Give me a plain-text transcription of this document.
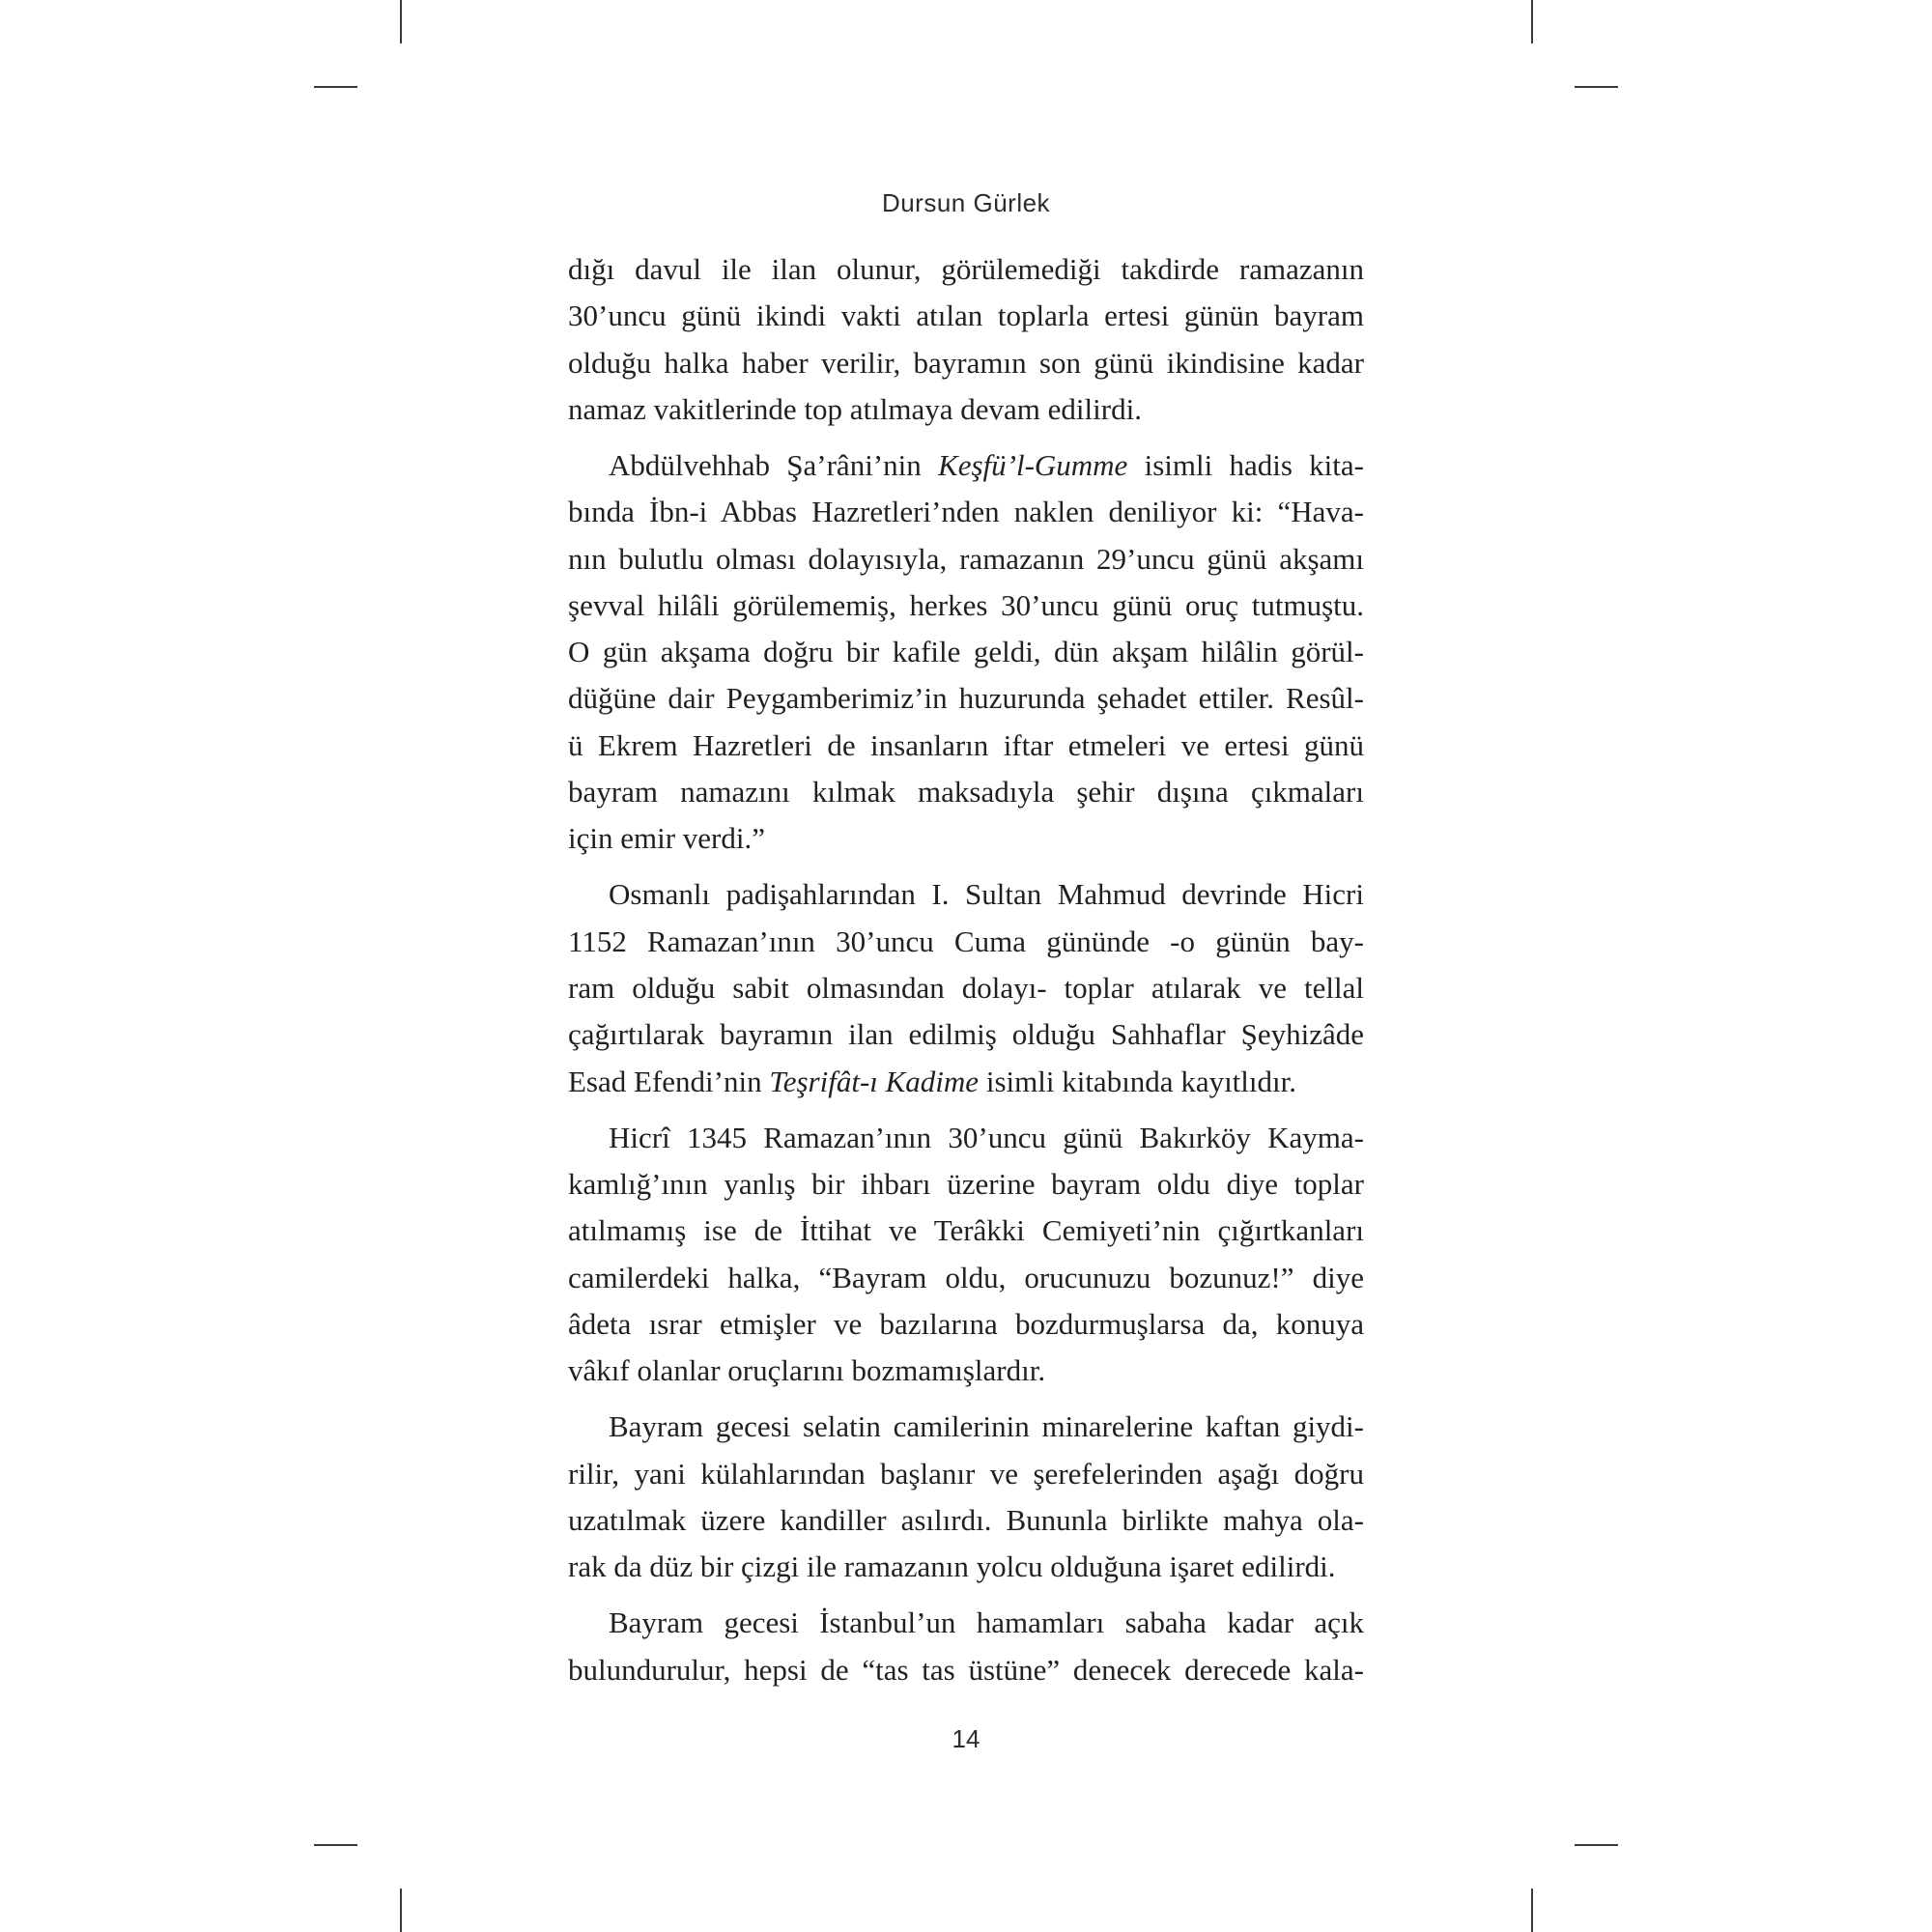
Dursun Gürlek
dığı davul ile ilan olunur, görülemediği takdirde ramazanın
30’uncu günü ikindi vakti atılan toplarla ertesi günün bayram
olduğu halka haber verilir, bayramın son günü ikindisine kadar
namaz vakitlerinde top atılmaya devam edilirdi.
Abdülvehhab Şa’râni’nin Keşfü’l-Gumme isimli hadis kita-
bında İbn-i Abbas Hazretleri’nden naklen deniliyor ki: “Hava-
nın bulutlu olması dolayısıyla, ramazanın 29’uncu günü akşamı
şevval hilâli görülememiş, herkes 30’uncu günü oruç tutmuştu.
O gün akşama doğru bir kafile geldi, dün akşam hilâlin görül-
düğüne dair Peygamberimiz’in huzurunda şehadet ettiler. Resûl-
ü Ekrem Hazretleri de insanların iftar etmeleri ve ertesi günü
bayram namazını kılmak maksadıyla şehir dışına çıkmaları
için emir verdi.”
Osmanlı padişahlarından I. Sultan Mahmud devrinde Hicri
1152 Ramazan’ının 30’uncu Cuma gününde -o günün bay-
ram olduğu sabit olmasından dolayı- toplar atılarak ve tellal
çağırtılarak bayramın ilan edilmiş olduğu Sahhaflar Şeyhizâde
Esad Efendi’nin Teşrifât-ı Kadime isimli kitabında kayıtlıdır.
Hicrî 1345 Ramazan’ının 30’uncu günü Bakırköy Kayma-
kamlığ’ının yanlış bir ihbarı üzerine bayram oldu diye toplar
atılmamış ise de İttihat ve Terâkki Cemiyeti’nin çığırtkanları
camilerdeki halka, “Bayram oldu, orucunuzu bozunuz!” diye
âdeta ısrar etmişler ve bazılarına bozdurmuşlarsa da, konuya
vâkıf olanlar oruçlarını bozmamışlardır.
Bayram gecesi selatin camilerinin minarelerine kaftan giydi-
rilir, yani külahlarından başlanır ve şerefelerinden aşağı doğru
uzatılmak üzere kandiller asılırdı. Bununla birlikte mahya ola-
rak da düz bir çizgi ile ramazanın yolcu olduğuna işaret edilirdi.
Bayram gecesi İstanbul’un hamamları sabaha kadar açık
bulundurulur, hepsi de “tas tas üstüne” denecek derecede kala-
14
